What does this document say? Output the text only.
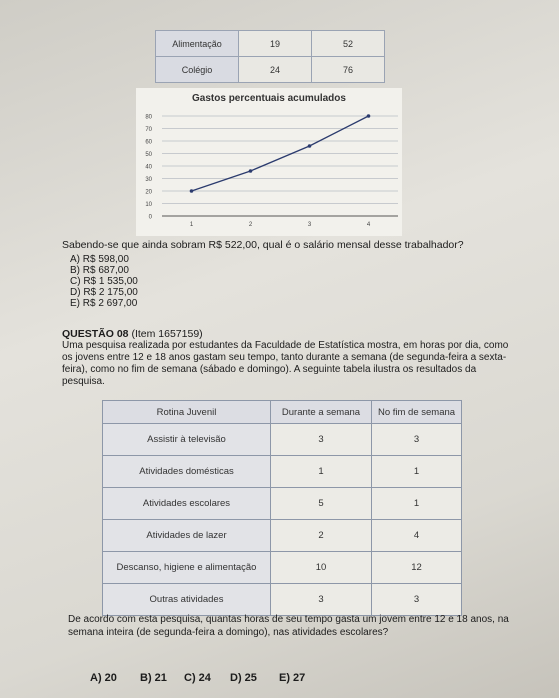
Alimentação	19	52
Colégio	24	76
Gastos percentuais acumulados
0
10
20
30
40
50
60
70
80
1	2	3	4
Sabendo-se que ainda sobram R$ 522,00, qual é o salário mensal desse trabalhador?
A) R$ 598,00
B) R$ 687,00
C) R$ 1 535,00
D) R$ 2 175,00
E) R$ 2 697,00
QUESTÃO 08 (Item 1657159)
Uma pesquisa realizada por estudantes da Faculdade de Estatística mostra, em horas por dia, como
os jovens entre 12 e 18 anos gastam seu tempo, tanto durante a semana (de segunda-feira a sexta-
feira), como no fim de semana (sábado e domingo). A seguinte tabela ilustra os resultados da
pesquisa.
Rotina Juvenil	Durante a semana	No fim de semana
Assistir à televisão	3	3
Atividades domésticas	1	1
Atividades escolares	5	1
Atividades de lazer	2	4
Descanso, higiene e alimentação	10	12
Outras atividades	3	3
De acordo com esta pesquisa, quantas horas de seu tempo gasta um jovem entre 12 e 18 anos, na
semana inteira (de segunda-feira a domingo), nas atividades escolares?
A) 20 B) 21 C) 24 D) 25 E) 27
